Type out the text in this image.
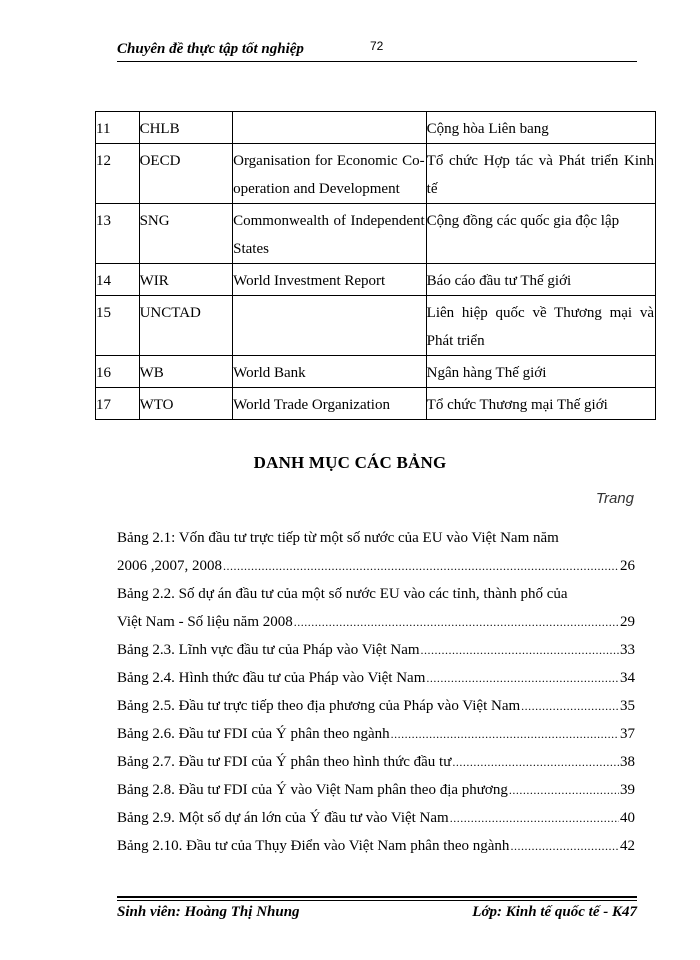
Chuyên đề thực tập tốt nghiệp	72
11	CHLB		Cộng hòa Liên bang
12	OECD	Organisation for Economic Co-operation and Development	Tổ chức Hợp tác và Phát triển Kinh tế
13	SNG	Commonwealth of Independent States	Cộng đồng các quốc gia độc lập
14	WIR	World Investment Report	Báo cáo đầu tư Thế giới
15	UNCTAD		Liên hiệp quốc về Thương mại và Phát triển
16	WB	World Bank	Ngân hàng Thế giới
17	WTO	World Trade Organization	Tổ chức Thương mại Thế giới
DANH MỤC CÁC BẢNG
Trang
Bảng 2.1: Vốn đầu tư trực tiếp từ một số nước của EU vào Việt Nam năm
2006 ,2007, 2008 .....	26
Bảng 2.2. Số dự án đầu tư của một số nước EU vào các tỉnh, thành phố của
Việt Nam - Số liệu năm 2008 .....	29
Bảng 2.3. Lĩnh vực đầu tư của Pháp vào Việt Nam .....	33
Bảng 2.4. Hình thức đầu tư của Pháp vào Việt Nam .....	34
Bảng 2.5. Đầu tư trực tiếp theo địa phương của Pháp vào Việt Nam .....	35
Bảng 2.6. Đầu tư FDI của Ý phân theo ngành .....	37
Bảng 2.7. Đầu tư FDI của Ý phân theo hình thức đầu tư .....	38
Bảng 2.8. Đầu tư FDI của Ý vào Việt Nam phân theo địa phương .....	39
Bảng 2.9. Một số dự án lớn của Ý đầu tư vào Việt Nam .....	40
Bảng 2.10. Đầu tư của Thụy Điển vào Việt Nam phân theo ngành .....	42
Sinh viên: Hoàng Thị Nhung	Lớp: Kinh tế quốc tế - K47
